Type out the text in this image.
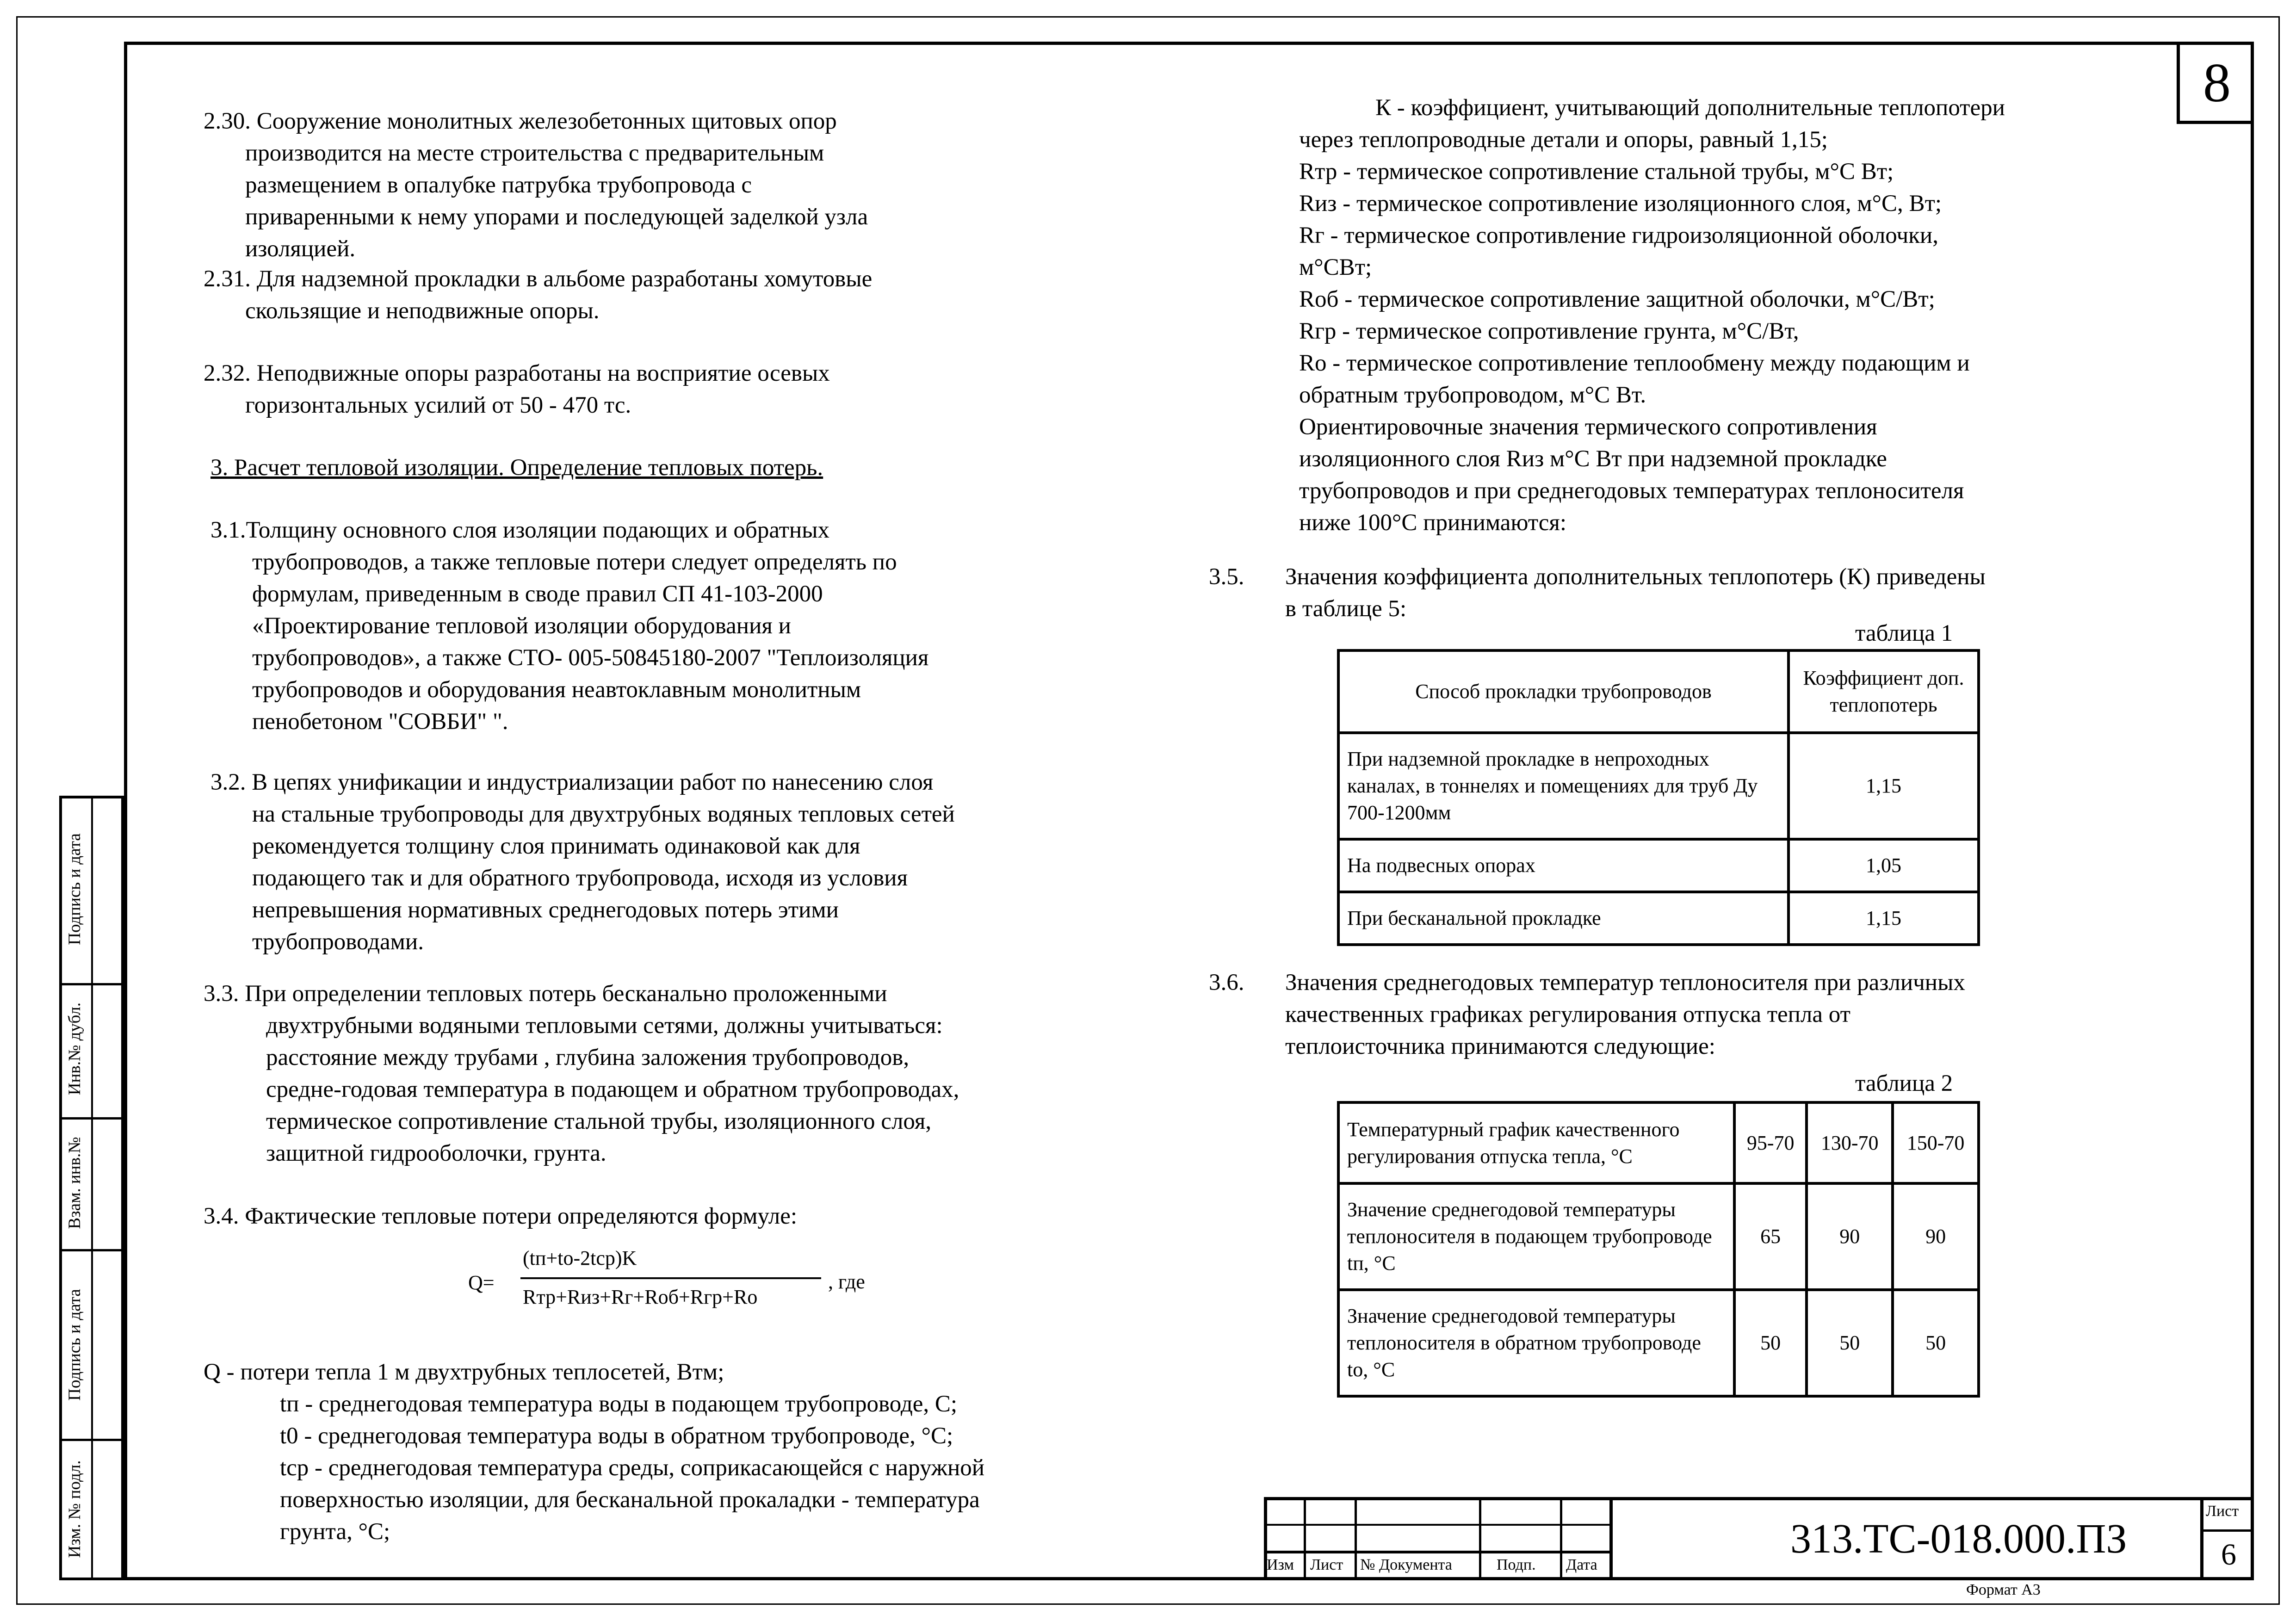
8
Подпись и дата
Инв.№ дубл.
Взам. инв.№
Подпись и дата
Изм. № подл.
2.30. Сооружение монолитных железобетонных щитовых опор
производится на месте строительства с предварительным
размещением в опалубке патрубка трубопровода с
приваренными к нему упорами и последующей заделкой узла
изоляцией.
2.31. Для надземной прокладки в альбоме разработаны хомутовые
скользящие и неподвижные опоры.
2.32. Неподвижные опоры разработаны на восприятие осевых
горизонтальных усилий от 50 - 470 тс.
3. Расчет тепловой изоляции. Определение тепловых потерь.
3.1.Толщину основного слоя изоляции подающих и обратных
трубопроводов, а также тепловые потери следует определять по
формулам, приведенным в своде правил СП 41-103-2000
«Проектирование тепловой изоляции оборудования и
трубопроводов», а также СТО- 005-50845180-2007 "Теплоизоляция
трубопроводов и оборудования неавтоклавным монолитным
пенобетоном "СОВБИ" ".
3.2. В цепях унификации и индустриализации работ по нанесению слоя
на стальные трубопроводы для двухтрубных водяных тепловых сетей
рекомендуется толщину слоя принимать одинаковой как для
подающего так и для обратного трубопровода, исходя из условия
непревышения нормативных среднегодовых потерь этими
трубопроводами.
3.3. При определении тепловых потерь бесканально проложенными
двухтрубными водяными тепловыми сетями, должны учитываться:
расстояние между трубами , глубина заложения трубопроводов,
средне-годовая температура в подающем и обратном трубопроводах,
термическое сопротивление стальной трубы, изоляционного слоя,
защитной гидрооболочки, грунта.
3.4. Фактические тепловые потери определяются формуле:
Q=
(tп+tо-2tср)K
Rтр+Rиз+Rг+Rоб+Rгр+Rо
, где
Q - потери тепла 1 м двухтрубных теплосетей, Втм;
tп - среднегодовая температура воды в подающем трубопроводе, С;
t0 - среднегодовая температура воды в обратном трубопроводе, °С;
tср - среднегодовая температура среды, соприкасающейся с наружной
поверхностью изоляции, для бесканальной прокаладки - температура
грунта, °С;
К - коэффициент, учитывающий дополнительные теплопотери
через теплопроводные детали и опоры, равный 1,15;
Rтр - термическое сопротивление стальной трубы, м°С Вт;
Rиз - термическое сопротивление изоляционного слоя, м°С, Вт;
Rг - термическое сопротивление гидроизоляционной оболочки,
м°СВт;
Rоб - термическое сопротивление защитной оболочки, м°С/Вт;
Rгр - термическое сопротивление грунта, м°С/Вт,
Rо - термическое сопротивление теплообмену между подающим и
обратным трубопроводом, м°С Вт.
Ориентировочные значения термического сопротивления
изоляционного слоя Rиз м°С Вт при надземной прокладке
трубопроводов и при среднегодовых температурах теплоносителя
ниже 100°С принимаются:
3.5. Значения коэффициента дополнительных теплопотерь (К) приведены
в таблице 5:
таблица 1
Способ прокладки трубопроводов	Коэффициент доп. теплопотерь
При надземной прокладке в непроходных каналах, в тоннелях и помещениях для труб Ду 700-1200мм	1,15
На подвесных опорах	1,05
При бесканальной прокладке	1,15
3.6. Значения среднегодовых температур теплоносителя при различных
качественных графиках регулирования отпуска тепла от
теплоисточника принимаются следующие:
таблица 2
Температурный график качественного регулирования отпуска тепла, °С	95-70	130-70	150-70
Значение среднегодовой температуры теплоносителя в подающем трубопроводе tп, °С	65	90	90
Значение среднегодовой температуры теплоносителя в обратном трубопроводе tо, °С	50	50	50
Изм Лист № Документа	Подп. Дата
313.ТС-018.000.ПЗ
Лист
6
Формат А3
